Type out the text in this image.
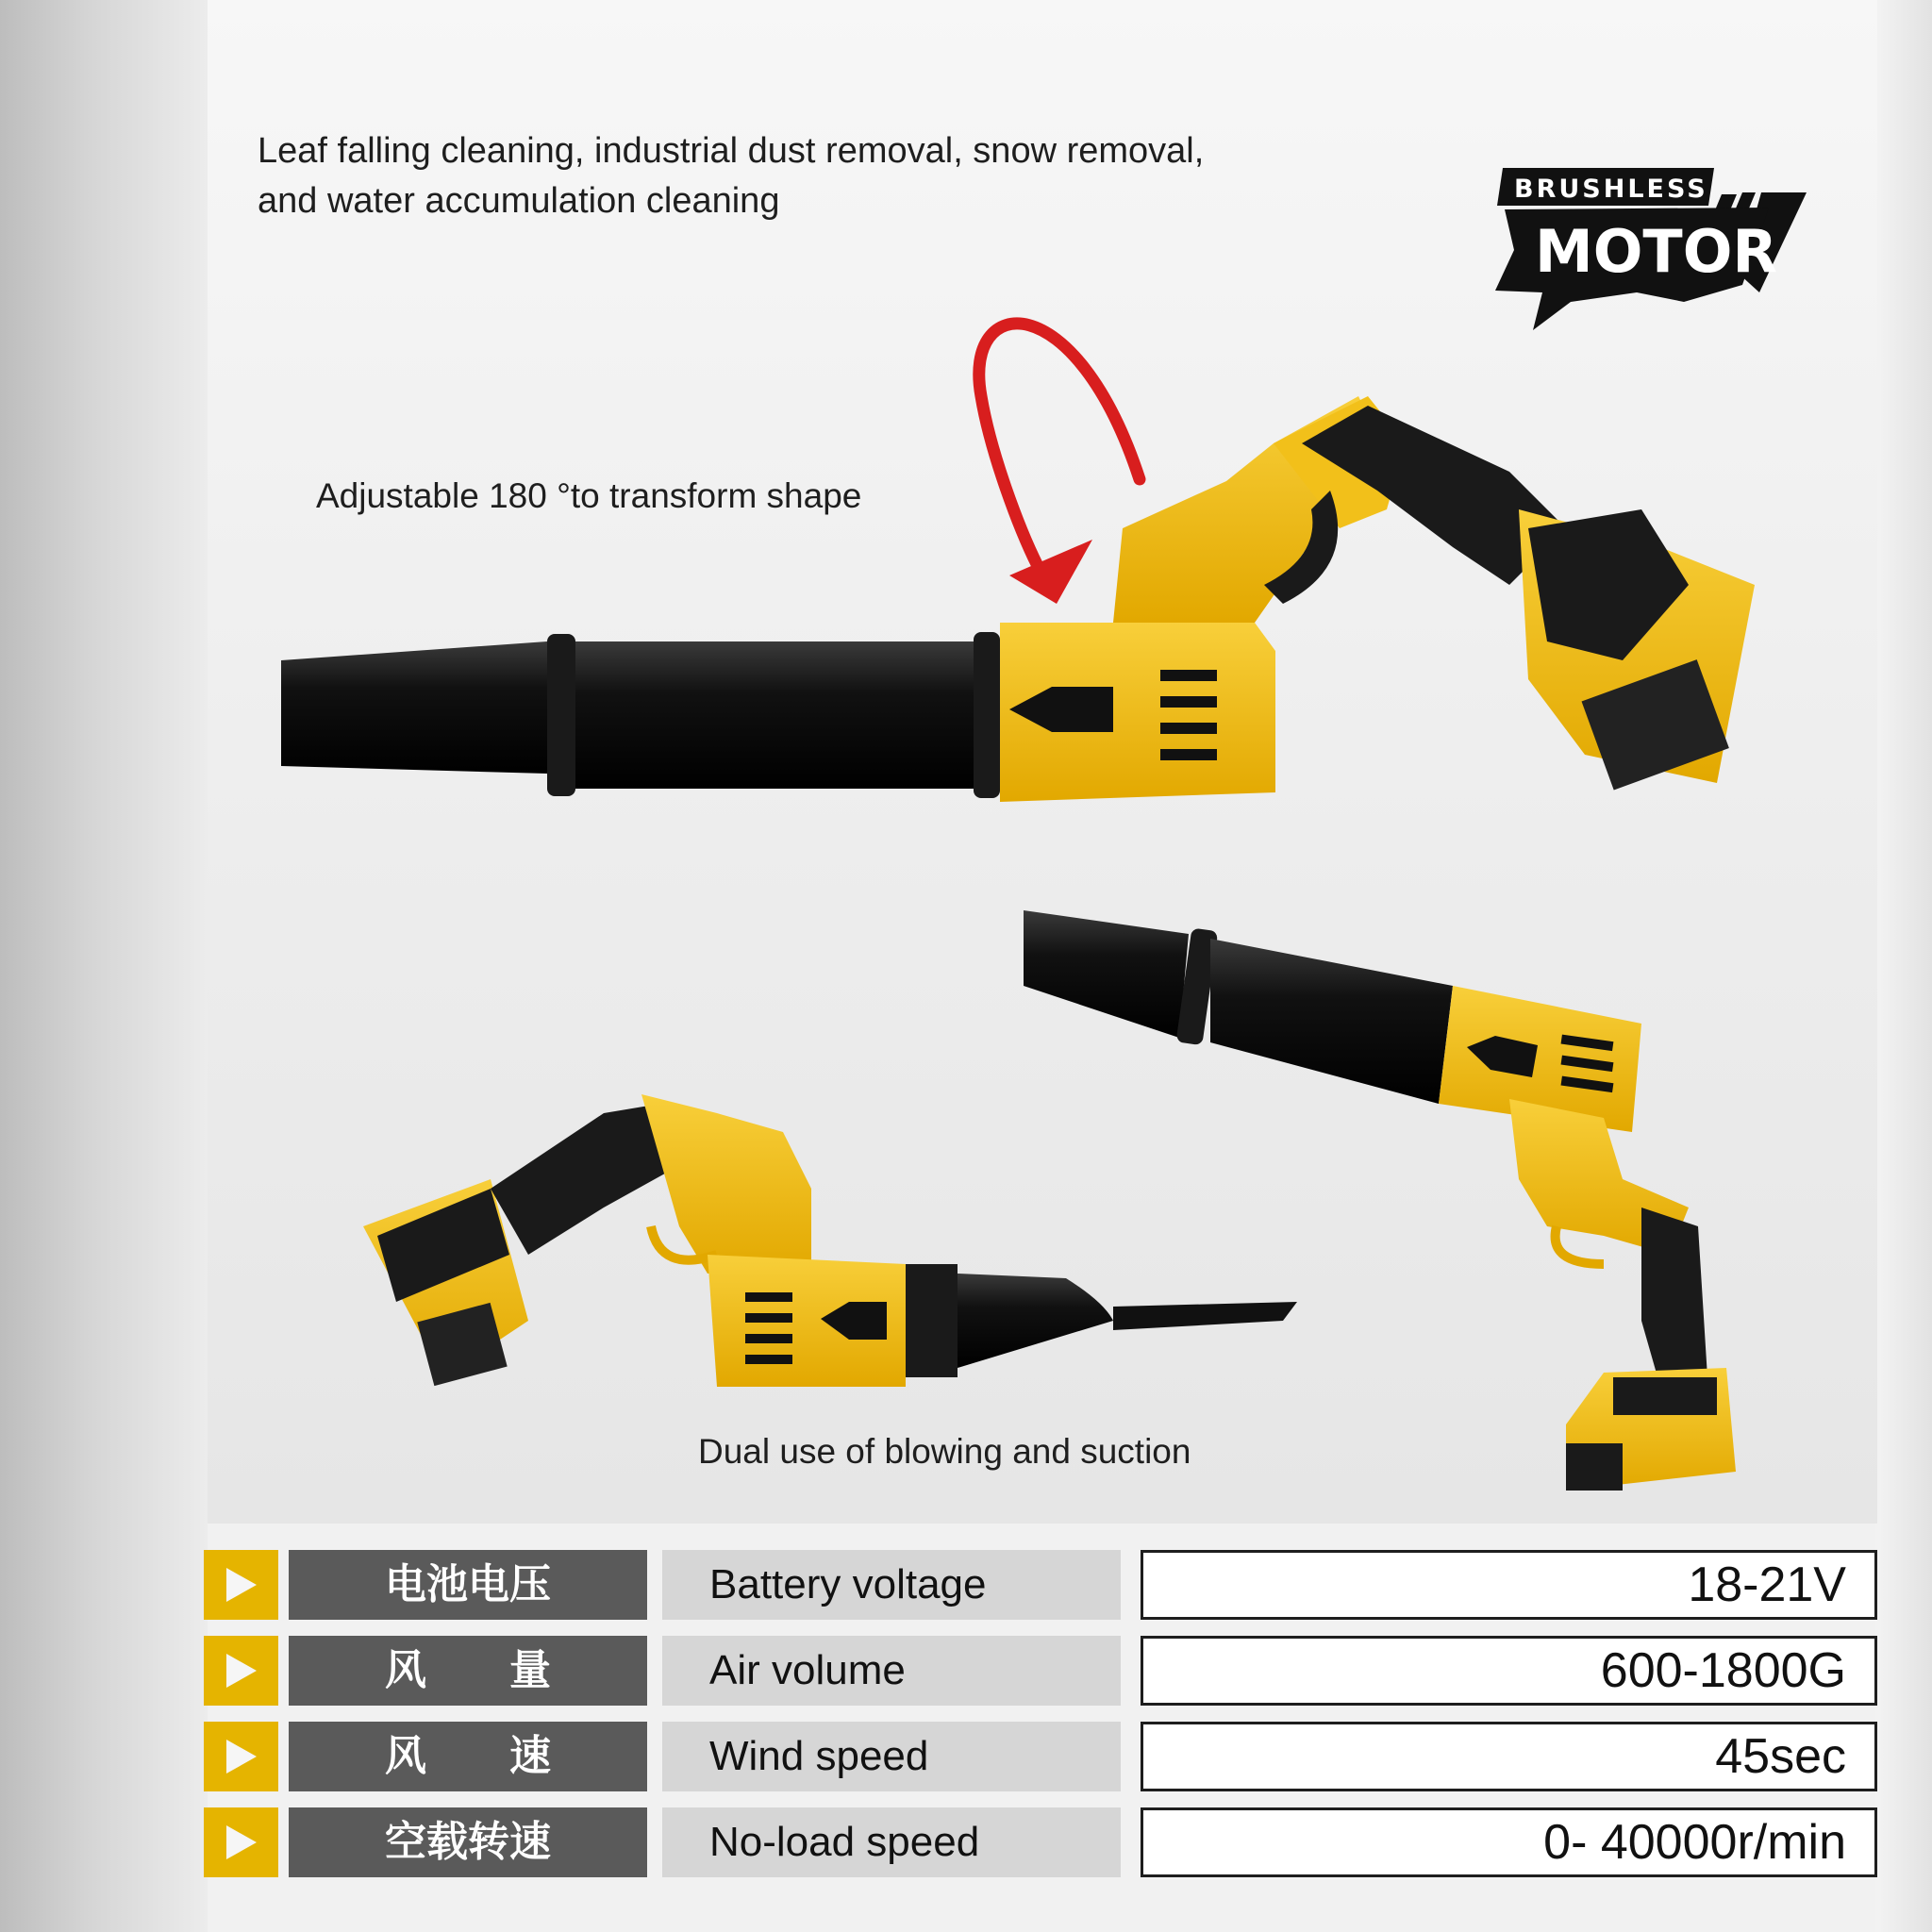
Leaf falling cleaning, industrial dust removal, snow removal,
and water accumulation cleaning	BRUSHLESS
MOTOR
Adjustable 180 °to transform shape
Dual use of blowing and suction
电池电压	Battery voltage	18-21V
风　　量	Air volume	600-1800G
风　　速	Wind speed	45sec
空载转速	No-load speed	0- 40000r/min
